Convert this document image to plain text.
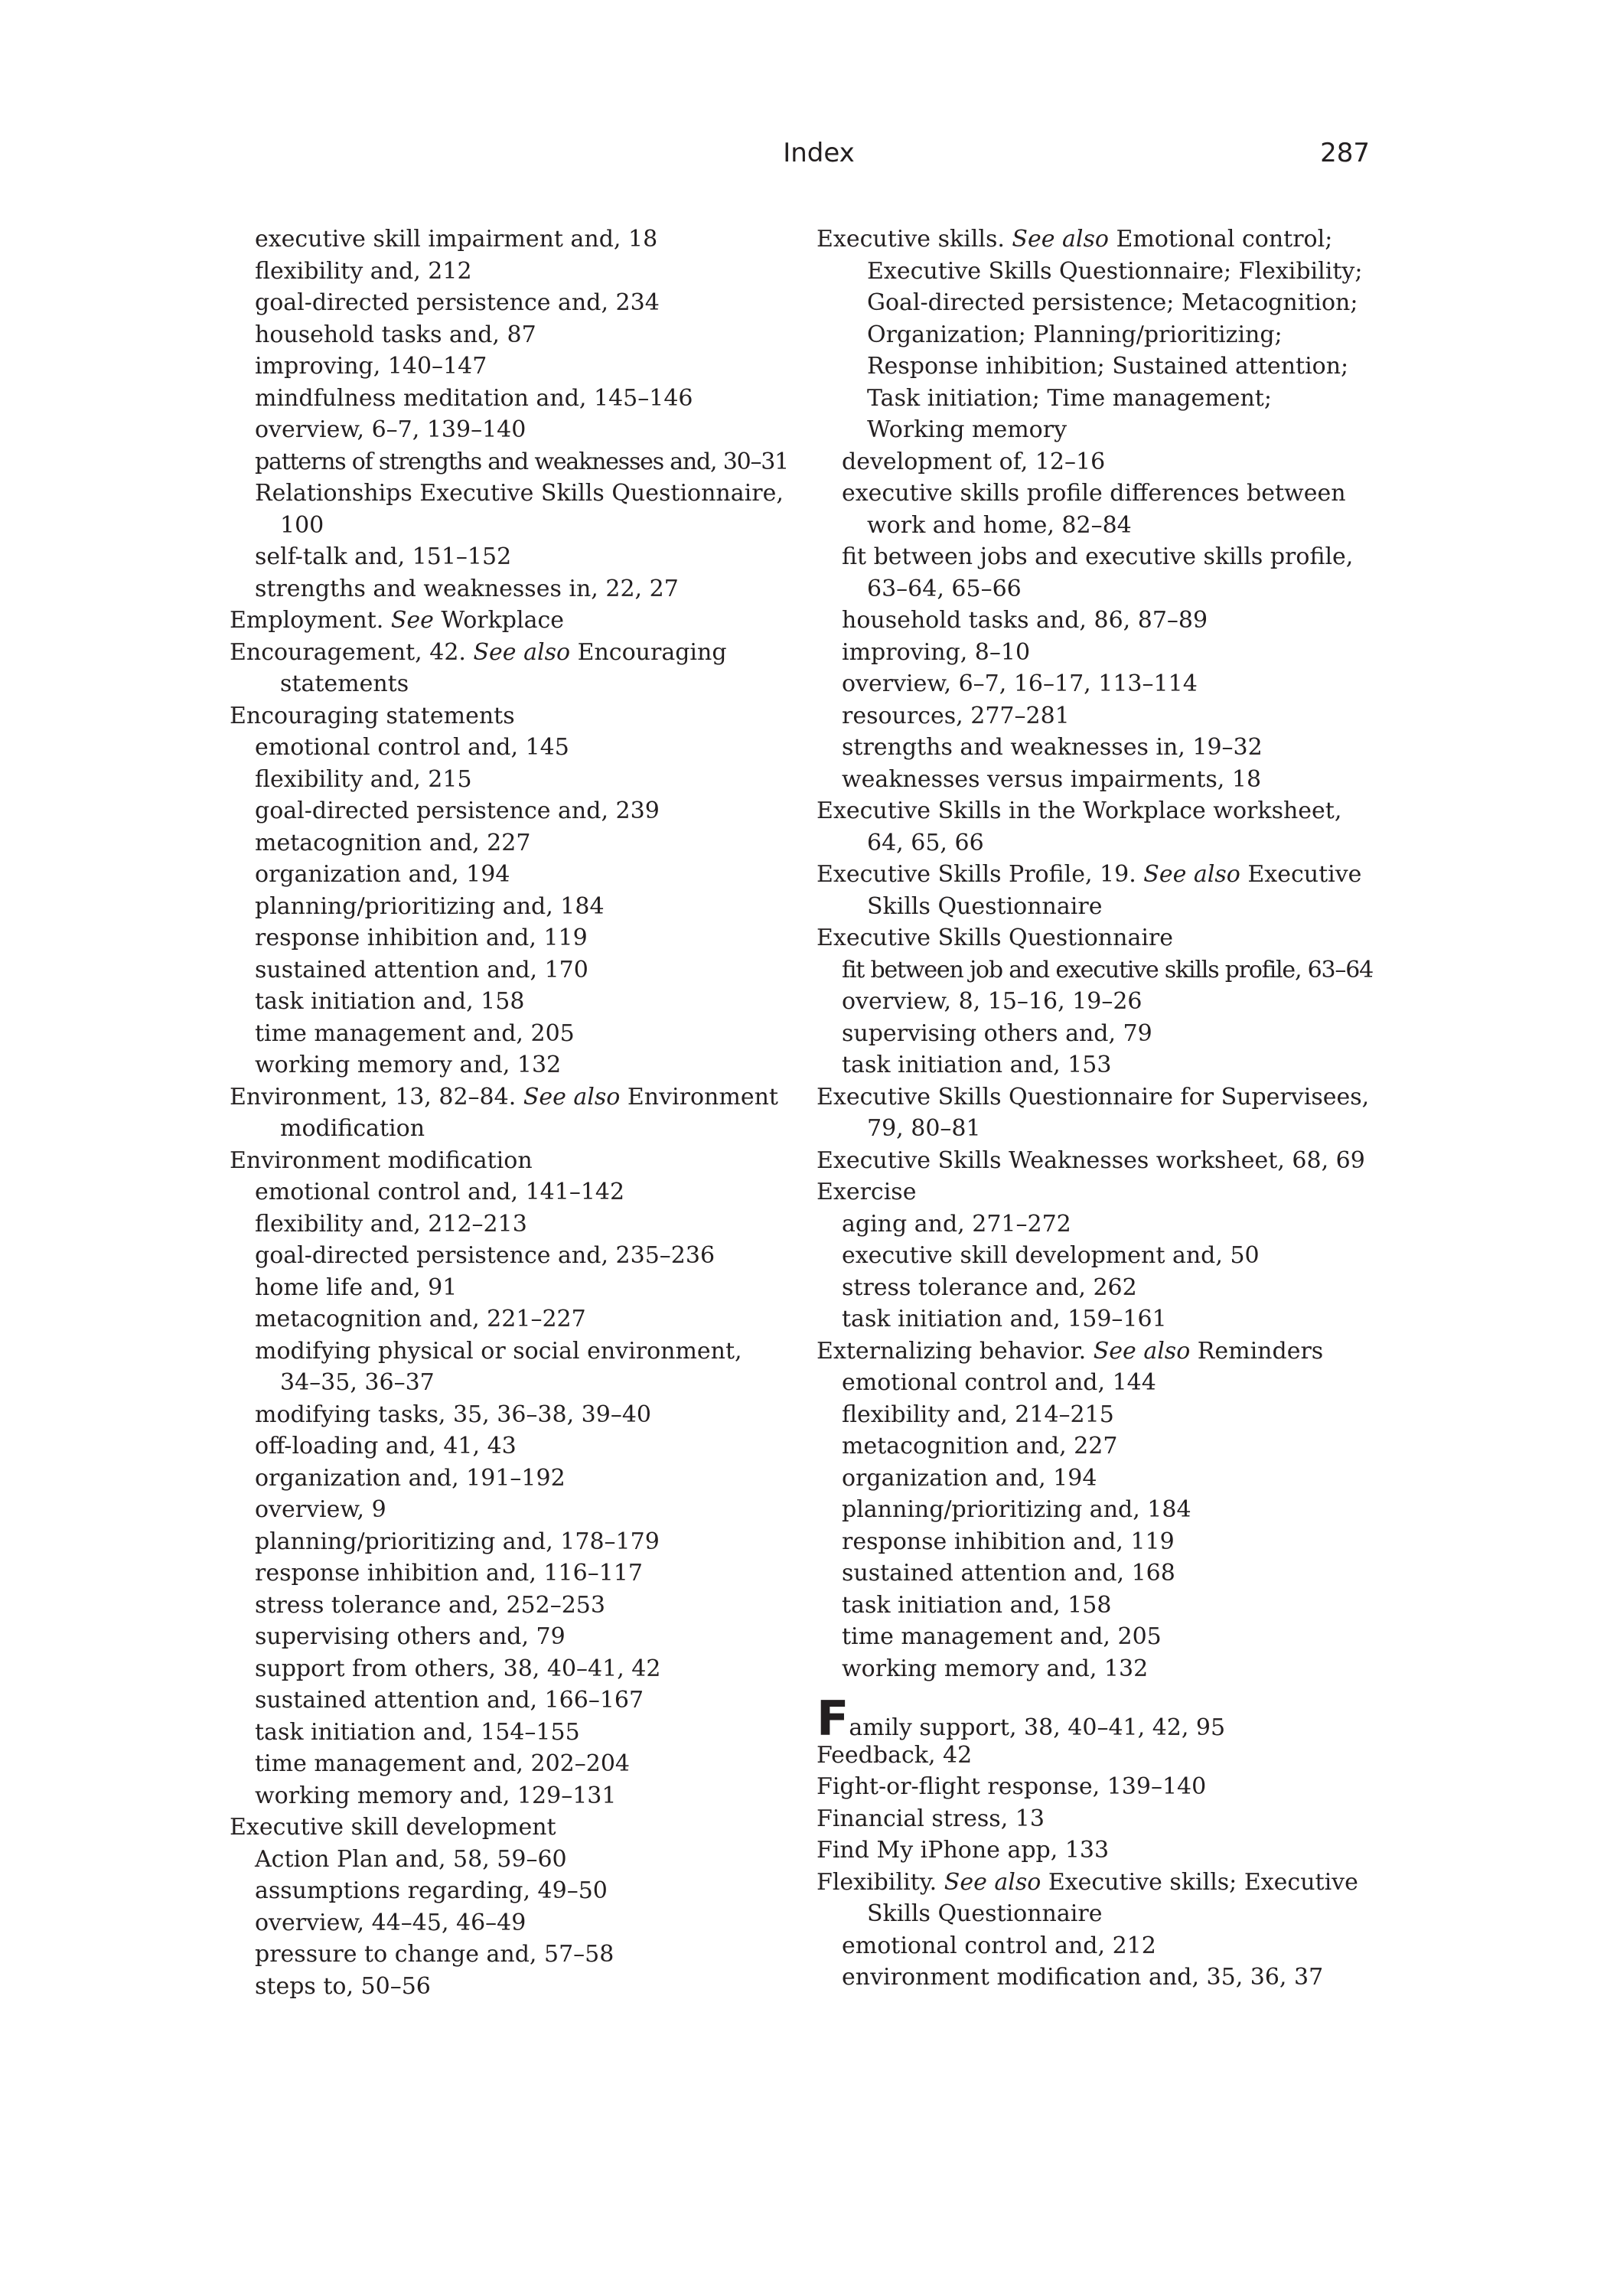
Index	287
executive skill impairment and, 18
flexibility and, 212
goal-directed persistence and, 234
household tasks and, 87
improving, 140–147
mindfulness meditation and, 145–146
overview, 6–7, 139–140
patterns of strengths and weaknesses and, 30–31
Relationships Executive Skills Questionnaire,
100
self-talk and, 151–152
strengths and weaknesses in, 22, 27
Employment. See Workplace
Encouragement, 42. See also Encouraging
statements
Encouraging statements
emotional control and, 145
flexibility and, 215
goal-directed persistence and, 239
metacognition and, 227
organization and, 194
planning/prioritizing and, 184
response inhibition and, 119
sustained attention and, 170
task initiation and, 158
time management and, 205
working memory and, 132
Environment, 13, 82–84. See also Environment
modification
Environment modification
emotional control and, 141–142
flexibility and, 212–213
goal-directed persistence and, 235–236
home life and, 91
metacognition and, 221–227
modifying physical or social environment,
34–35, 36–37
modifying tasks, 35, 36–38, 39–40
off-loading and, 41, 43
organization and, 191–192
overview, 9
planning/prioritizing and, 178–179
response inhibition and, 116–117
stress tolerance and, 252–253
supervising others and, 79
support from others, 38, 40–41, 42
sustained attention and, 166–167
task initiation and, 154–155
time management and, 202–204
working memory and, 129–131
Executive skill development
Action Plan and, 58, 59–60
assumptions regarding, 49–50
overview, 44–45, 46–49
pressure to change and, 57–58
steps to, 50–56
Executive skills. See also Emotional control;
Executive Skills Questionnaire; Flexibility;
Goal-directed persistence; Metacognition;
Organization; Planning/prioritizing;
Response inhibition; Sustained attention;
Task initiation; Time management;
Working memory
development of, 12–16
executive skills profile differences between
work and home, 82–84
fit between jobs and executive skills profile,
63–64, 65–66
household tasks and, 86, 87–89
improving, 8–10
overview, 6–7, 16–17, 113–114
resources, 277–281
strengths and weaknesses in, 19–32
weaknesses versus impairments, 18
Executive Skills in the Workplace worksheet,
64, 65, 66
Executive Skills Profile, 19. See also Executive
Skills Questionnaire
Executive Skills Questionnaire
fit between job and executive skills profile, 63–64
overview, 8, 15–16, 19–26
supervising others and, 79
task initiation and, 153
Executive Skills Questionnaire for Supervisees,
79, 80–81
Executive Skills Weaknesses worksheet, 68, 69
Exercise
aging and, 271–272
executive skill development and, 50
stress tolerance and, 262
task initiation and, 159–161
Externalizing behavior. See also Reminders
emotional control and, 144
flexibility and, 214–215
metacognition and, 227
organization and, 194
planning/prioritizing and, 184
response inhibition and, 119
sustained attention and, 168
task initiation and, 158
time management and, 205
working memory and, 132
Family support, 38, 40–41, 42, 95
Feedback, 42
Fight-or-flight response, 139–140
Financial stress, 13
Find My iPhone app, 133
Flexibility. See also Executive skills; Executive
Skills Questionnaire
emotional control and, 212
environment modification and, 35, 36, 37
